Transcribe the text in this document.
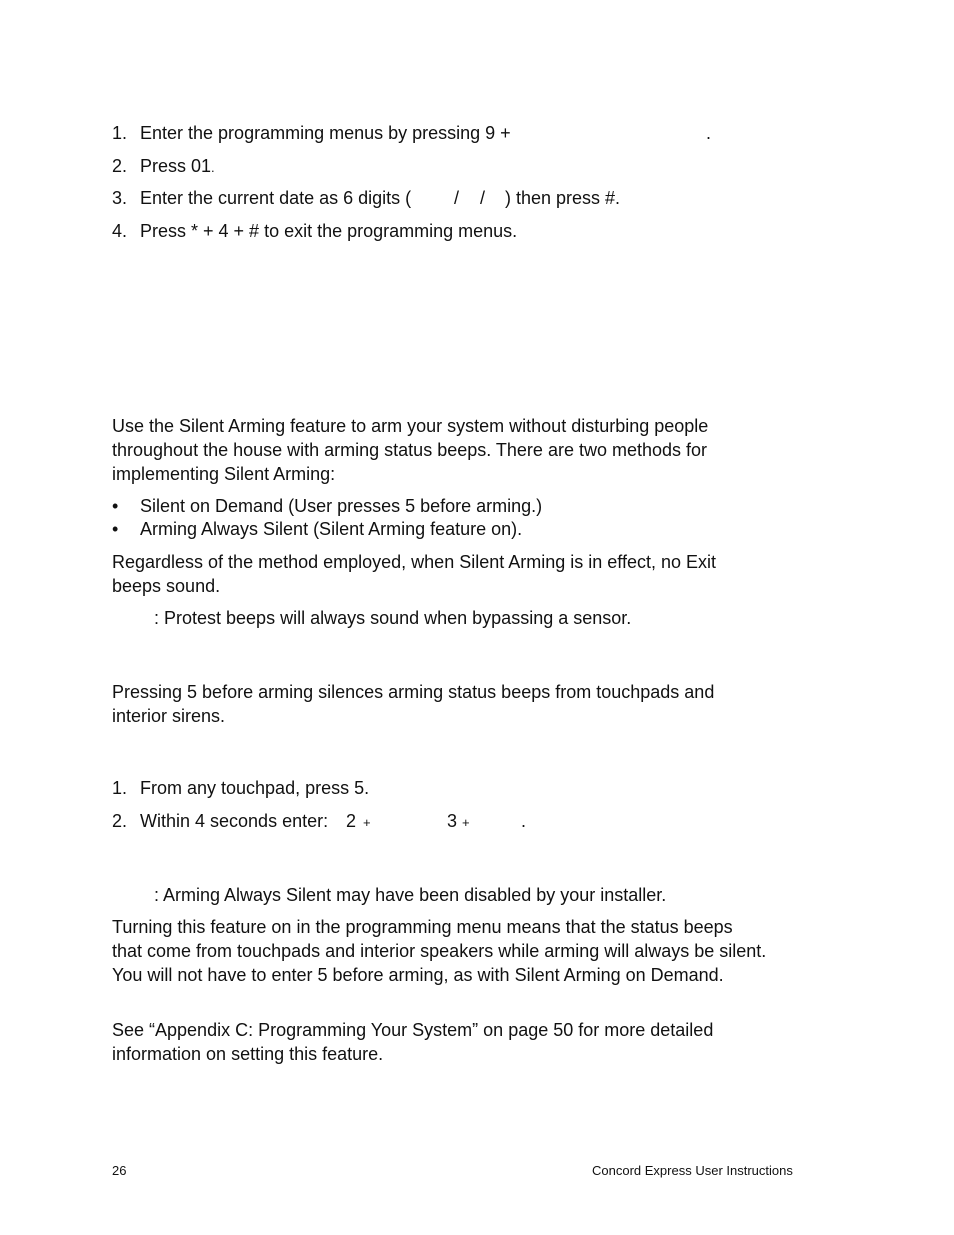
1. Enter the programming menus by pressing 9 +	.
2. Press 01.
3. Enter the current date as 6 digits ( / / ) then press #.
4. Press * + 4 + # to exit the programming menus.
Use the Silent Arming feature to arm your system without disturbing people throughout the house with arming status beeps. There are two methods for implementing Silent Arming:
• Silent on Demand (User presses 5 before arming.)
• Arming Always Silent (Silent Arming feature on).
Regardless of the method employed, when Silent Arming is in effect, no Exit beeps sound.
: Protest beeps will always sound when bypassing a sensor.
Pressing 5 before arming silences arming status beeps from touchpads and interior sirens.
1. From any touchpad, press 5.
2. Within 4 seconds enter: 2 +	3 +	.
: Arming Always Silent may have been disabled by your installer.
Turning this feature on in the programming menu means that the status beeps that come from touchpads and interior speakers while arming will always be silent. You will not have to enter 5 before arming, as with Silent Arming on Demand.
See “Appendix C: Programming Your System” on page 50 for more detailed information on setting this feature.
26	Concord Express User Instructions
